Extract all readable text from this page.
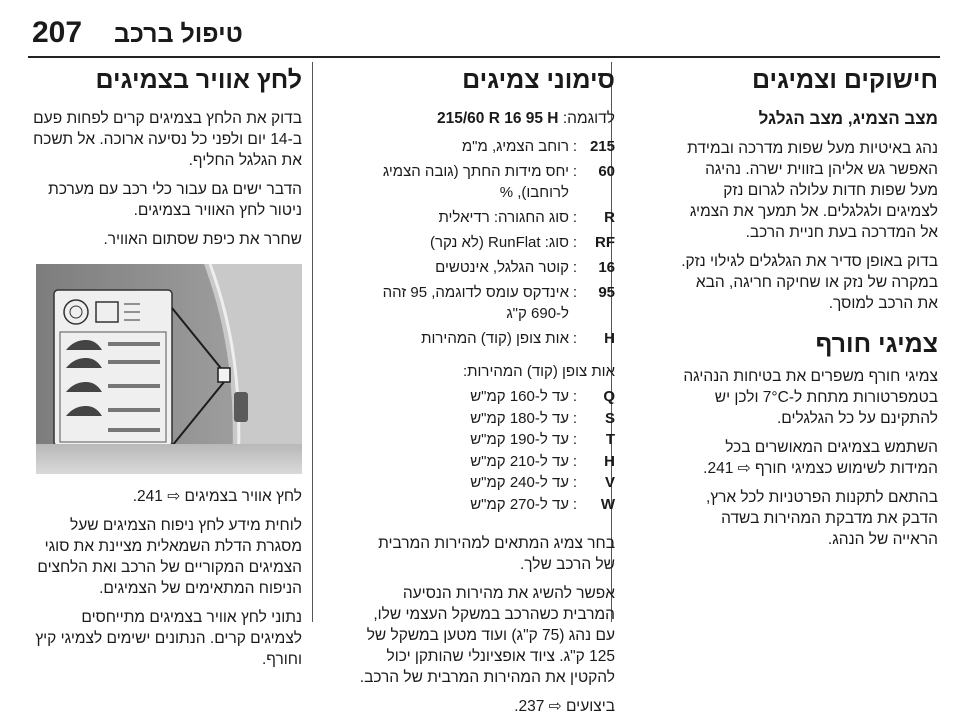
207 טיפול ברכב
חישוקים וצמיגים
מצב הצמיג, מצב הגלגל

נהג באיטיות מעל שפות מדרכה ובמידת האפשר גש אליהן בזווית ישרה. נהיגה מעל שפות חדות עלולה לגרום נזק לצמיגים ולגלגלים. אל תמעך את הצמיג אל המדרכה בעת חניית הרכב.

בדוק באופן סדיר את הגלגלים לגילוי נזק. במקרה של נזק או שחיקה חריגה, הבא את הרכב למוסך.

צמיגי חורף

צמיגי חורף משפרים את בטיחות הנהיגה בטמפרטורות מתחת ל-7°C ולכן יש להתקינם על כל הגלגלים.

השתמש בצמיגים המאושרים בכל המידות לשימוש כצמיגי חורף ⇨ 241.

בהתאם לתקנות הפרטניות לכל ארץ, הדבק את מדבקת המהירות בשדה הראייה של הנהג.

סימוני צמיגים
לדוגמה: 215/60 R 16 95 H
215
:
רוחב הצמיג, מ"מ
60
:
יחס מידות החתך (גובה הצמיג לרוחבו), %
R
:
סוג החגורה: רדיאלית
RF
:
סוג: RunFlat (לא נקר)
16
:
קוטר הגלגל, אינטשים
95
:
אינדקס עומס לדוגמה, 95 זהה ל-690 ק"ג
H
:
אות צופן (קוד) המהירות
אות צופן (קוד) המהירות:
Q
:
עד ל-160 קמ"ש
S
:
עד ל-180 קמ"ש
T
:
עד ל-190 קמ"ש
H
:
עד ל-210 קמ"ש
V
:
עד ל-240 קמ"ש
W
:
עד ל-270 קמ"ש

בחר צמיג המתאים למהירות המרבית של הרכב שלך.

אפשר להשיג את מהירות הנסיעה המרבית כשהרכב במשקל העצמי שלו, עם נהג (75 ק"ג) ועוד מטען במשקל של 125 ק"ג. ציוד אופציונלי שהותקן יכול להקטין את המהירות המרבית של הרכב.

ביצועים ⇨ 237.

לחץ אוויר בצמיגים

בדוק את הלחץ בצמיגים קרים לפחות פעם ב-14 יום ולפני כל נסיעה ארוכה. אל תשכח את הגלגל החליף.

הדבר ישים גם עבור כלי רכב עם מערכת ניטור לחץ האוויר בצמיגים.

שחרר את כיפת שסתום האוויר.

לחץ אוויר בצמיגים ⇨ 241.

לוחית מידע לחץ ניפוח הצמיגים שעל מסגרת הדלת השמאלית מציינת את סוגי הצמיגים המקוריים של הרכב ואת הלחצים הניפוח המתאימים של הצמיגים.

נתוני לחץ אוויר בצמיגים מתייחסים לצמיגים קרים. הנתונים ישימים לצמיגי קיץ וחורף.
